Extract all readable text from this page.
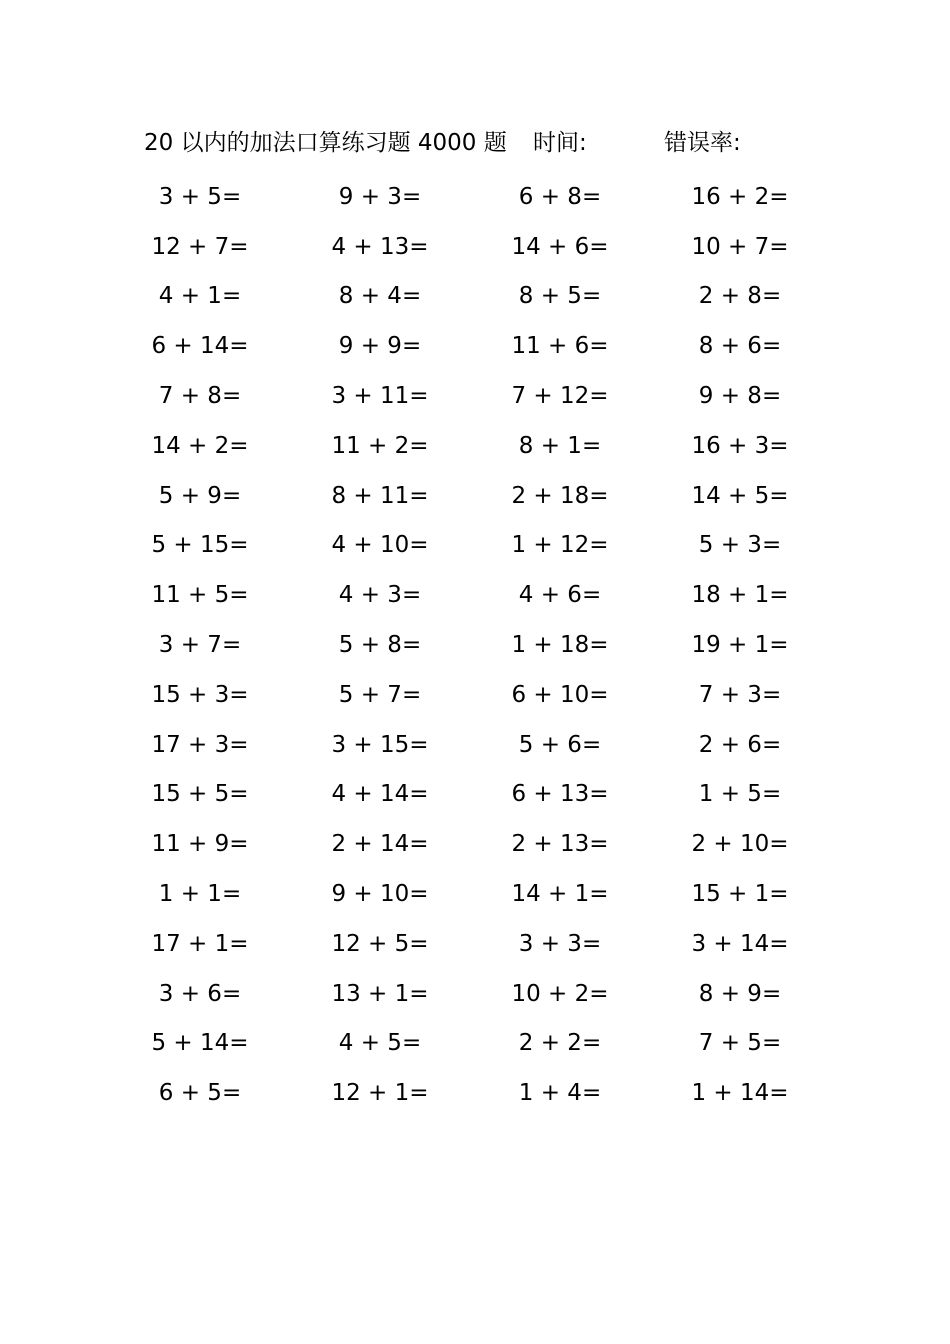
20 以内的加法口算练习题 4000 题 时间:	错误率:
3 + 5=	9 + 3=	6 + 8=	16 + 2=
12 + 7=	4 + 13=	14 + 6=	10 + 7=
4 + 1=	8 + 4=	8 + 5=	2 + 8=
6 + 14=	9 + 9=	11 + 6=	8 + 6=
7 + 8=	3 + 11=	7 + 12=	9 + 8=
14 + 2=	11 + 2=	8 + 1=	16 + 3=
5 + 9=	8 + 11=	2 + 18=	14 + 5=
5 + 15=	4 + 10=	1 + 12=	5 + 3=
11 + 5=	4 + 3=	4 + 6=	18 + 1=
3 + 7=	5 + 8=	1 + 18=	19 + 1=
15 + 3=	5 + 7=	6 + 10=	7 + 3=
17 + 3=	3 + 15=	5 + 6=	2 + 6=
15 + 5=	4 + 14=	6 + 13=	1 + 5=
11 + 9=	2 + 14=	2 + 13=	2 + 10=
1 + 1=	9 + 10=	14 + 1=	15 + 1=
17 + 1=	12 + 5=	3 + 3=	3 + 14=
3 + 6=	13 + 1=	10 + 2=	8 + 9=
5 + 14=	4 + 5=	2 + 2=	7 + 5=
6 + 5=	12 + 1=	1 + 4=	1 + 14=
